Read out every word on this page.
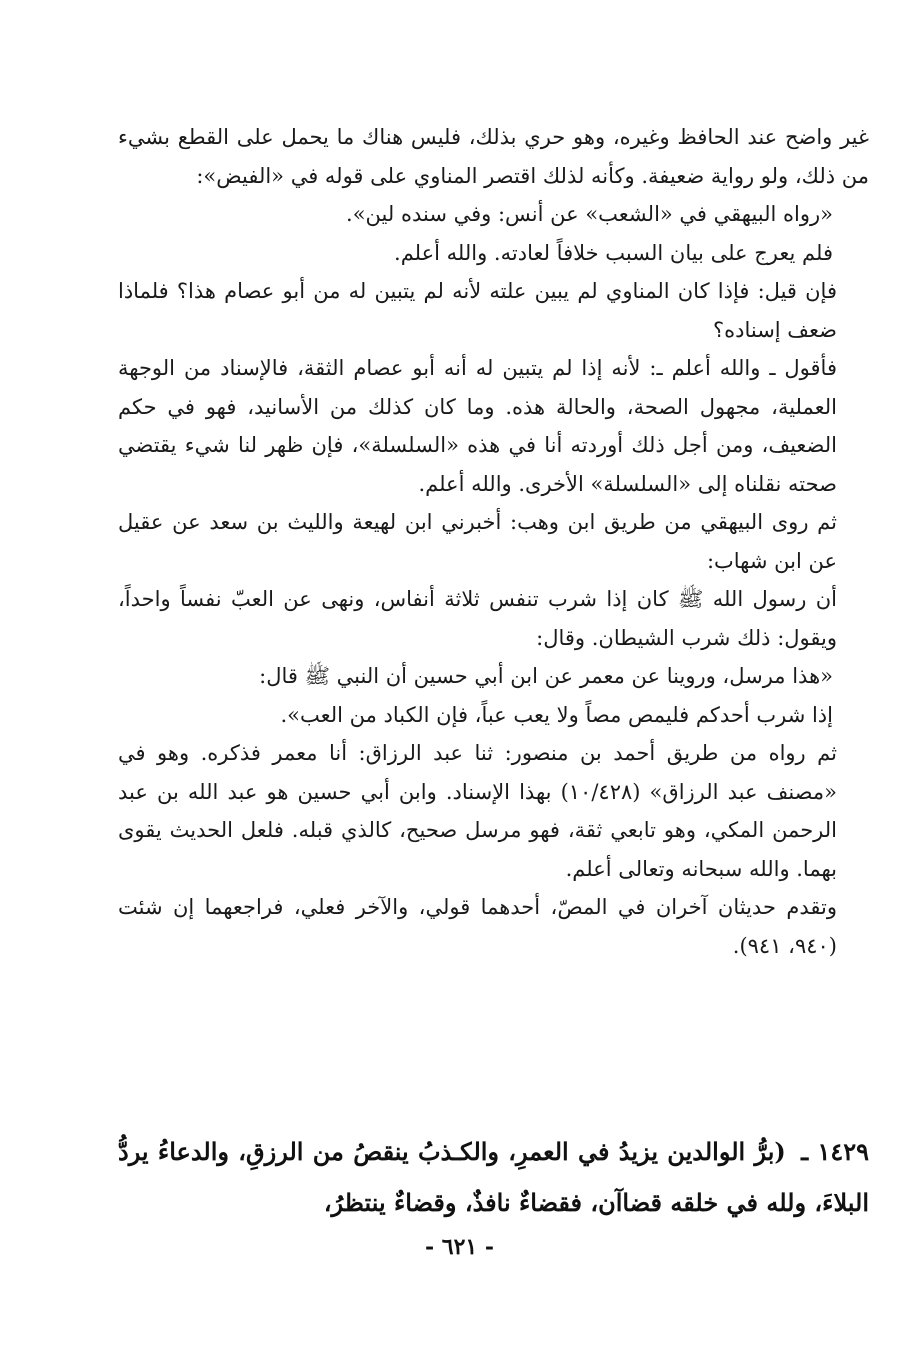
غير واضح عند الحافظ وغيره، وهو حري بذلك، فليس هناك ما يحمل على القطع بشيء من ذلك، ولو رواية ضعيفة. وكأنه لذلك اقتصر المناوي على قوله في «الفيض»:

«رواه البيهقي في «الشعب» عن أنس: وفي سنده لين».

فلم يعرج على بيان السبب خلافاً لعادته. والله أعلم.

فإن قيل: فإذا كان المناوي لم يبين علته لأنه لم يتبين له من أبو عصام هذا؟ فلماذا ضعف إسناده؟

فأقول ـ والله أعلم ـ: لأنه إذا لم يتبين له أنه أبو عصام الثقة، فالإسناد من الوجهة العملية، مجهول الصحة، والحالة هذه. وما كان كذلك من الأسانيد، فهو في حكم الضعيف، ومن أجل ذلك أوردته أنا في هذه «السلسلة»، فإن ظهر لنا شيء يقتضي صحته نقلناه إلى «السلسلة» الأخرى. والله أعلم.

ثم روى البيهقي من طريق ابن وهب: أخبرني ابن لهيعة والليث بن سعد عن عقيل عن ابن شهاب:

أن رسول الله ﷺ كان إذا شرب تنفس ثلاثة أنفاس، ونهى عن العبّ نفساً واحداً، ويقول: ذلك شرب الشيطان. وقال:

«هذا مرسل، وروينا عن معمر عن ابن أبي حسين أن النبي ﷺ قال:

إذا شرب أحدكم فليمص مصاً ولا يعب عباً، فإن الكباد من العب».

ثم رواه من طريق أحمد بن منصور: ثنا عبد الرزاق: أنا معمر فذكره. وهو في «مصنف عبد الرزاق» (١٠/٤٢٨) بهذا الإسناد. وابن أبي حسين هو عبد الله بن عبد الرحمن المكي، وهو تابعي ثقة، فهو مرسل صحيح، كالذي قبله. فلعل الحديث يقوى بهما. والله سبحانه وتعالى أعلم.

وتقدم حديثان آخران في المصّ، أحدهما قولي، والآخر فعلي، فراجعهما إن شئت (٩٤٠، ٩٤١).

١٤٢٩ ـ (برُّ الوالدين يزيدُ في العمرِ، والكـذبُ ينقصُ من الرزقِ، والدعاءُ يردُّ البلاءَ، ولله في خلقه قضاآن، فقضاءٌ نافذٌ، وقضاءٌ ينتظرُ،

- ٦٢١ -
